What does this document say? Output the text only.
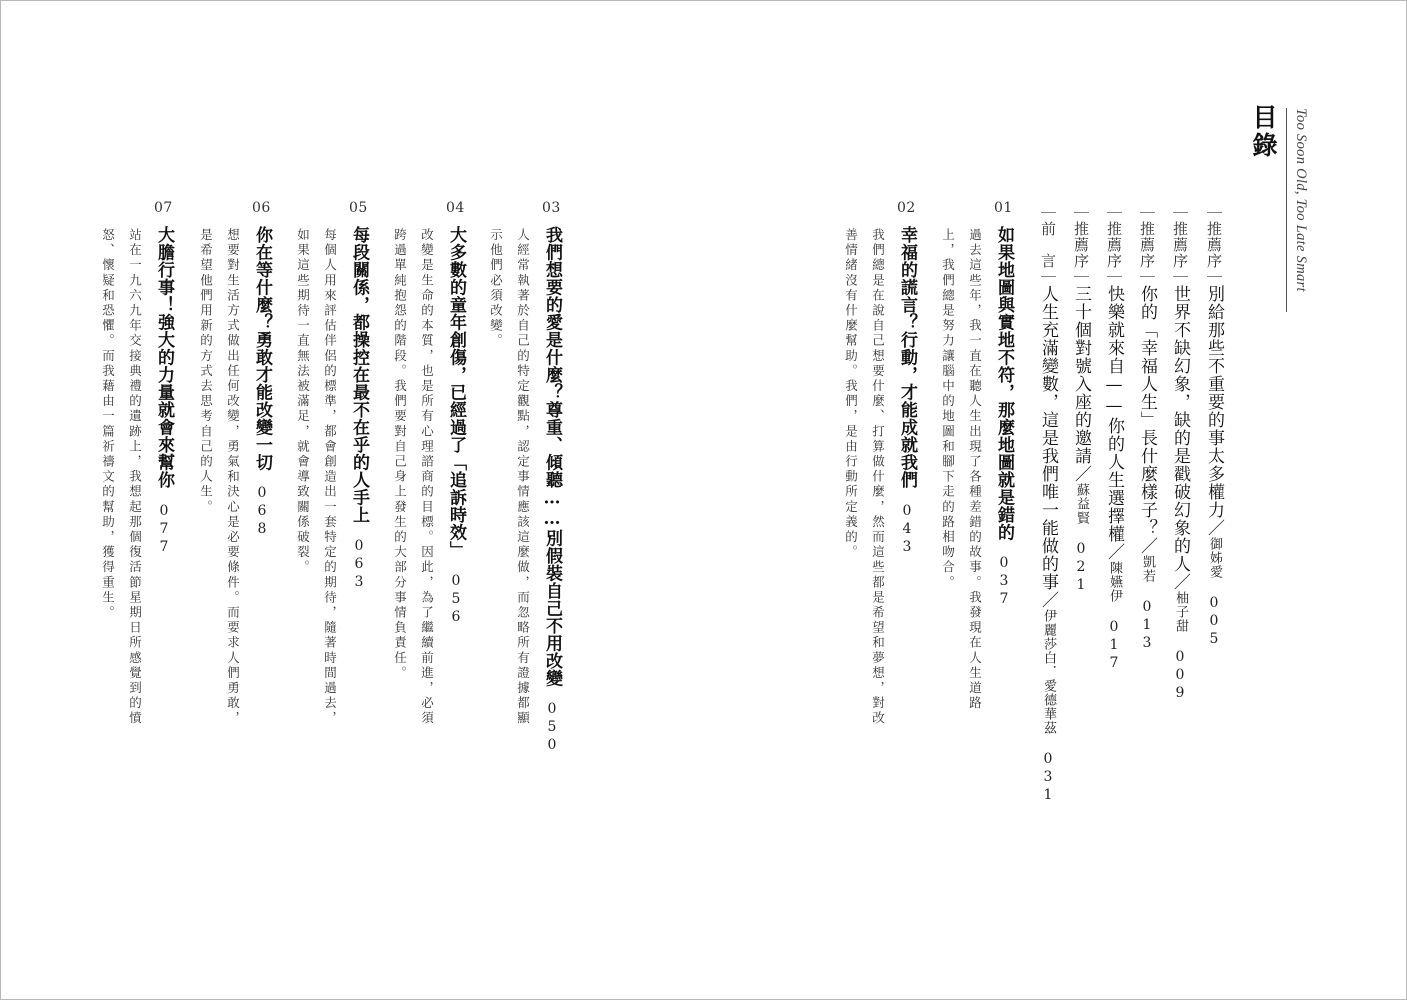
Too Soon Old, Too Late Smart
目錄
｜推薦序｜別給那些不重要的事太多權力／御姊愛005
｜推薦序｜世界不缺幻象，缺的是戳破幻象的人／柚子甜009
｜推薦序｜你的「幸福人生」長什麼樣子？／凱若013
｜推薦序｜快樂就來自——你的人生選擇權／陳嬿伊017
｜推薦序｜三十個對號入座的邀請／蘇益賢021
｜前　言｜人生充滿變數，這是我們唯一能做的事／伊麗莎白．愛德華茲031
01
如果地圖與實地不符，那麼地圖就是錯的037
過去這些年，我一直在聽人生出現了各種差錯的故事。我發現在人生道路
上，我們總是努力讓腦中的地圖和腳下走的路相吻合。
02
幸福的謊言？行動，才能成就我們043
我們總是在說自己想要什麼、打算做什麼，然而這些都是希望和夢想，對改
善情緒沒有什麼幫助。我們，是由行動所定義的。
03
我們想要的愛是什麼？尊重、傾聽……別假裝自己不用改變050
人經常執著於自己的特定觀點，認定事情應該這麼做，而忽略所有證據都顯
示他們必須改變。
04
大多數的童年創傷，已經過了「追訴時效」056
改變是生命的本質，也是所有心理諮商的目標。因此，為了繼續前進，必須
跨過單純抱怨的階段。我們要對自己身上發生的大部分事情負責任。
05
每段關係，都操控在最不在乎的人手上063
每個人用來評估伴侶的標準，都會創造出一套特定的期待，隨著時間過去，
如果這些期待一直無法被滿足，就會導致關係破裂。
06
你在等什麼？勇敢才能改變一切068
想要對生活方式做出任何改變，勇氣和決心是必要條件。而要求人們勇敢，
是希望他們用新的方式去思考自己的人生。
07
大膽行事！強大的力量就會來幫你077
站在一九六九年交接典禮的遺跡上，我想起那個復活節星期日所感覺到的憤
怒、懷疑和恐懼。而我藉由一篇祈禱文的幫助，獲得重生。
